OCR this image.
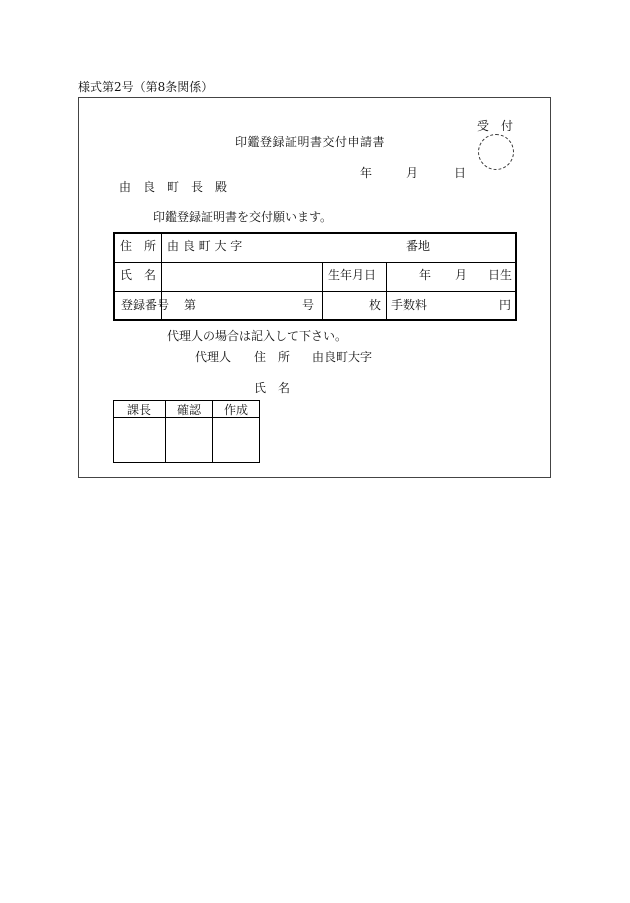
様式第2号（第8条関係）
受　付
印鑑登録証明書交付申請書
年	月	日
由　良　町　長　殿
印鑑登録証明書を交付願います。
住　所 由 良 町 大 字	番地
氏　名	生年月日	年 月 日生
登録番号 第	号	枚 手数料	円
代理人の場合は記入して下さい。
代理人 住　所 由良町大字
氏　名
課長 確認 作成
